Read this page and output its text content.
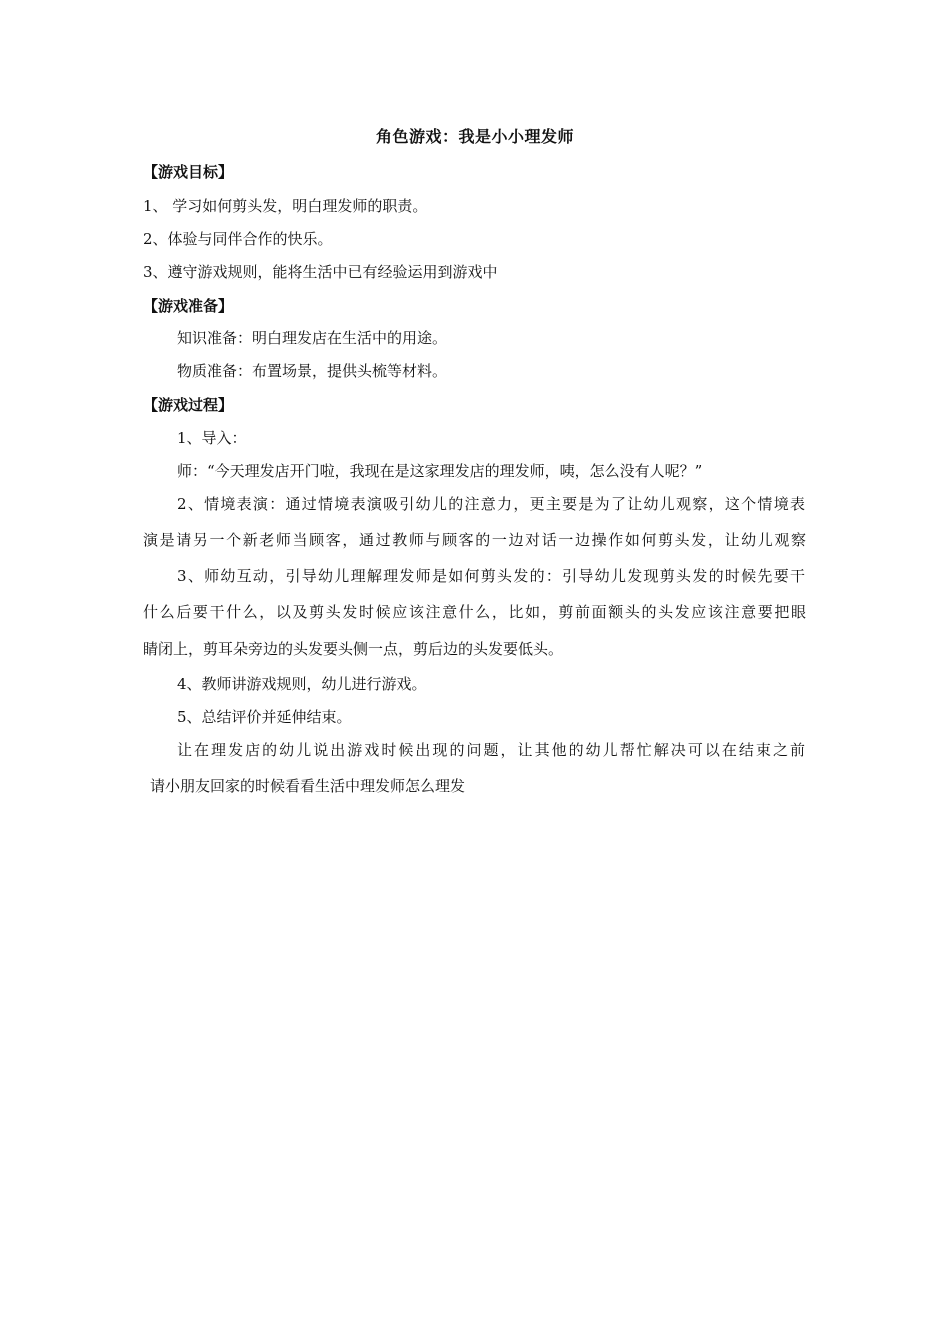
角色游戏：我是小小理发师
【游戏目标】
1、 学习如何剪头发，明白理发师的职责。
2、体验与同伴合作的快乐。
3、遵守游戏规则，能将生活中已有经验运用到游戏中
【游戏准备】
知识准备：明白理发店在生活中的用途。
物质准备：布置场景，提供头梳等材料。
【游戏过程】
1、导入：
师：“今天理发店开门啦，我现在是这家理发店的理发师，咦，怎么没有人呢？”
2、情境表演：通过情境表演吸引幼儿的注意力，更主要是为了让幼儿观察，这个情境表
演是请另一个新老师当顾客，通过教师与顾客的一边对话一边操作如何剪头发，让幼儿观察
3、师幼互动，引导幼儿理解理发师是如何剪头发的：引导幼儿发现剪头发的时候先要干
什么后要干什么，以及剪头发时候应该注意什么，比如，剪前面额头的头发应该注意要把眼
睛闭上，剪耳朵旁边的头发要头侧一点，剪后边的头发要低头。
4、教师讲游戏规则，幼儿进行游戏。
5、总结评价并延伸结束。
让在理发店的幼儿说出游戏时候出现的问题，让其他的幼儿帮忙解决可以在结束之前
请小朋友回家的时候看看生活中理发师怎么理发
